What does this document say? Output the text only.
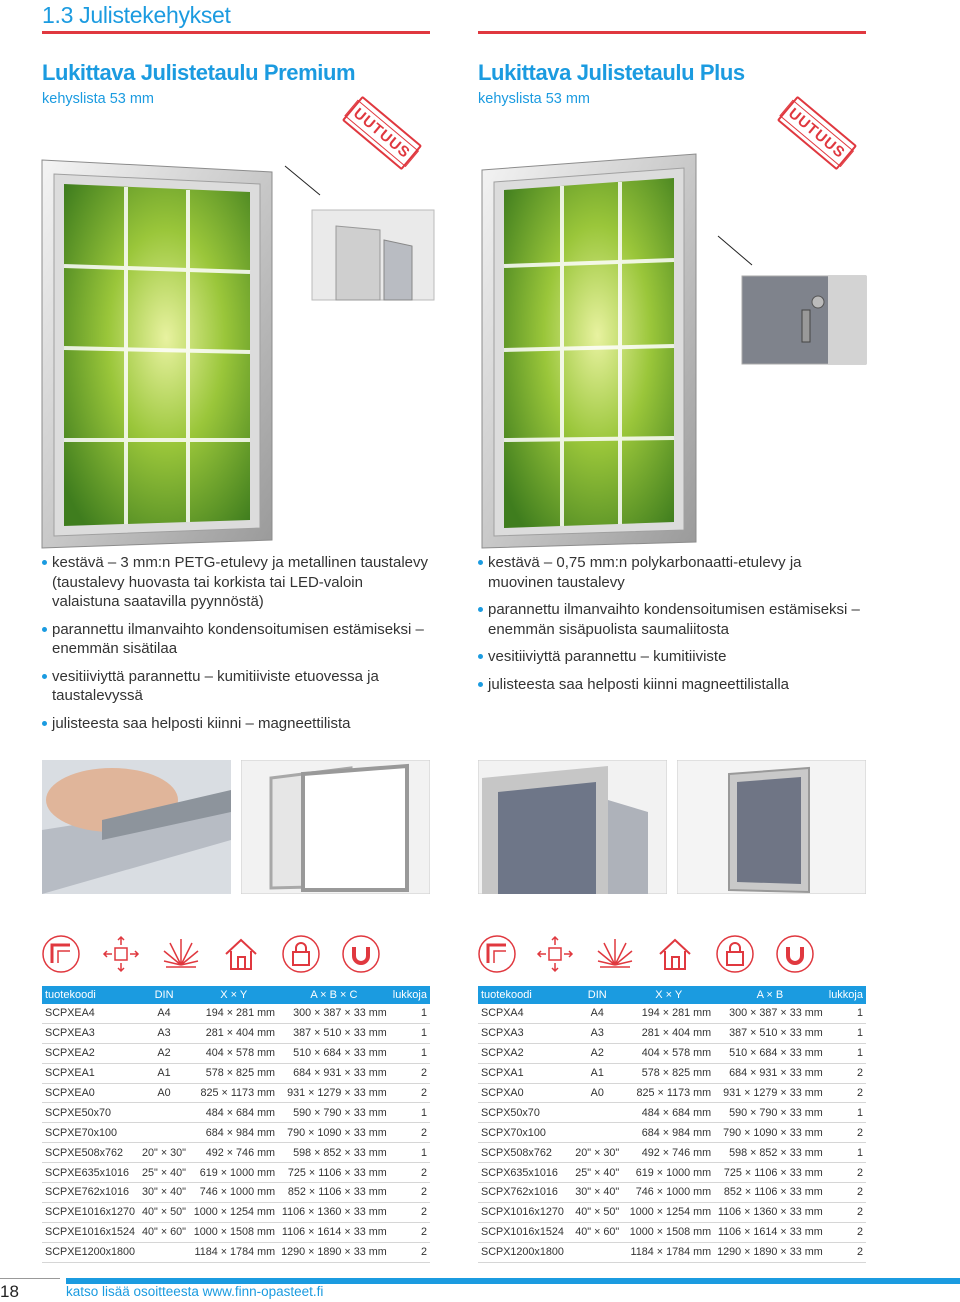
1.3 Julistekehykset
Lukittava Julistetaulu Premium
kehyslista 53 mm
UUTUUS
Lukittava Julistetaulu Plus
kehyslista 53 mm
UUTUUS
kestävä – 3 mm:n PETG-etulevy ja metallinen taustalevy (taustalevy huovasta tai korkista tai LED-valoin valaistuna saatavilla pyynnöstä)
parannettu ilmanvaihto kondensoitumisen estämiseksi – enemmän sisätilaa
vesitiiviyttä parannettu – kumitiiviste etuovessa ja taustalevyssä
julisteesta saa helposti kiinni – magneettilista
kestävä – 0,75 mm:n polykarbonaatti-etulevy ja muovinen taustalevy
parannettu ilmanvaihto kondensoitumisen estämiseksi – enemmän sisäpuolista saumaliitosta
vesitiiviyttä parannettu – kumitiiviste
julisteesta saa helposti kiinni magneettilistalla
tuotekoodi	DIN	X × Y	A × B × C	lukkoja
SCPXEA4	A4	194 × 281 mm	300 × 387 × 33 mm	1
SCPXEA3	A3	281 × 404 mm	387 × 510 × 33 mm	1
SCPXEA2	A2	404 × 578 mm	510 × 684 × 33 mm	1
SCPXEA1	A1	578 × 825 mm	684 × 931 × 33 mm	2
SCPXEA0	A0	825 × 1173 mm	931 × 1279 × 33 mm	2
SCPXE50x70		484 × 684 mm	590 × 790 × 33 mm	1
SCPXE70x100		684 × 984 mm	790 × 1090 × 33 mm	2
SCPXE508x762	20" × 30"	492 × 746 mm	598 × 852 × 33 mm	1
SCPXE635x1016	25" × 40"	619 × 1000 mm	725 × 1106 × 33 mm	2
SCPXE762x1016	30" × 40"	746 × 1000 mm	852 × 1106 × 33 mm	2
SCPXE1016x1270	40" × 50"	1000 × 1254 mm	1106 × 1360 × 33 mm	2
SCPXE1016x1524	40" × 60"	1000 × 1508 mm	1106 × 1614 × 33 mm	2
SCPXE1200x1800		1184 × 1784 mm	1290 × 1890 × 33 mm	2
tuotekoodi	DIN	X × Y	A × B	lukkoja
SCPXA4	A4	194 × 281 mm	300 × 387 × 33 mm	1
SCPXA3	A3	281 × 404 mm	387 × 510 × 33 mm	1
SCPXA2	A2	404 × 578 mm	510 × 684 × 33 mm	1
SCPXA1	A1	578 × 825 mm	684 × 931 × 33 mm	2
SCPXA0	A0	825 × 1173 mm	931 × 1279 × 33 mm	2
SCPX50x70		484 × 684 mm	590 × 790 × 33 mm	1
SCPX70x100		684 × 984 mm	790 × 1090 × 33 mm	2
SCPX508x762	20" × 30"	492 × 746 mm	598 × 852 × 33 mm	1
SCPX635x1016	25" × 40"	619 × 1000 mm	725 × 1106 × 33 mm	2
SCPX762x1016	30" × 40"	746 × 1000 mm	852 × 1106 × 33 mm	2
SCPX1016x1270	40" × 50"	1000 × 1254 mm	1106 × 1360 × 33 mm	2
SCPX1016x1524	40" × 60"	1000 × 1508 mm	1106 × 1614 × 33 mm	2
SCPX1200x1800		1184 × 1784 mm	1290 × 1890 × 33 mm	2
18	katso lisää osoitteesta www.finn-opasteet.fi
